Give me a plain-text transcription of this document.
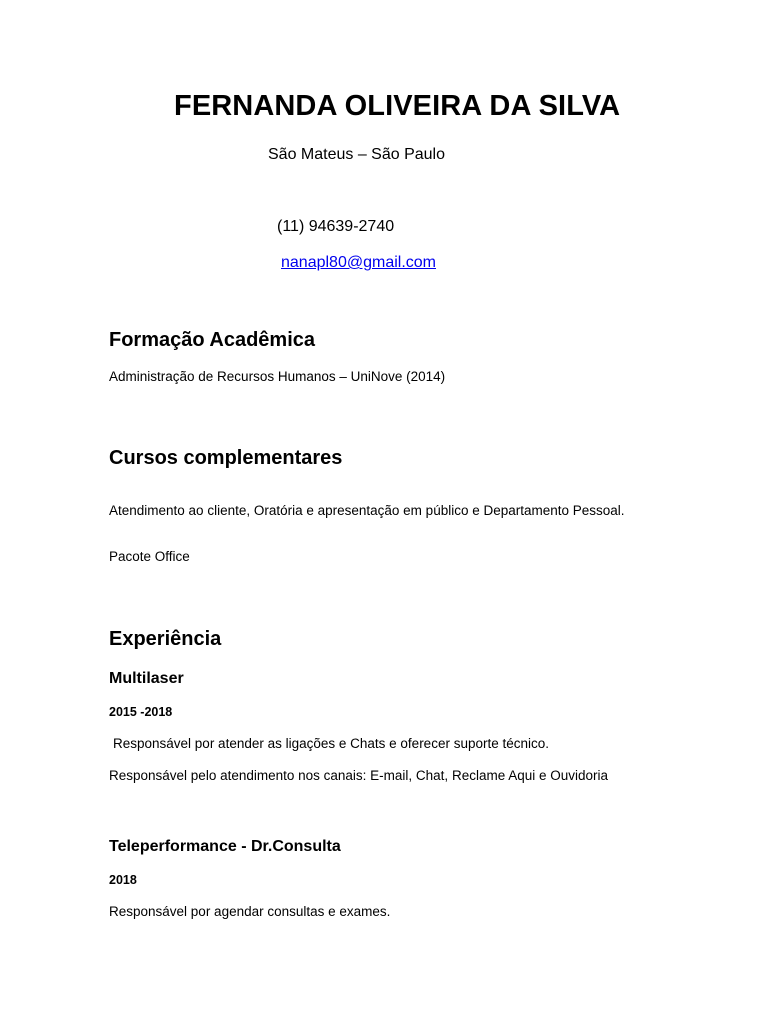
FERNANDA OLIVEIRA DA SILVA
São Mateus – São Paulo
(11) 94639-2740
nanapl80@gmail.com
Formação Acadêmica
Administração de Recursos Humanos – UniNove (2014)
Cursos complementares
Atendimento ao cliente, Oratória e apresentação em público e Departamento Pessoal.
Pacote Office
Experiência
Multilaser
2015 -2018
Responsável por atender as ligações e Chats e oferecer suporte técnico.
Responsável pelo atendimento nos canais: E-mail, Chat, Reclame Aqui e Ouvidoria
Teleperformance - Dr.Consulta
2018
Responsável por agendar consultas e exames.
